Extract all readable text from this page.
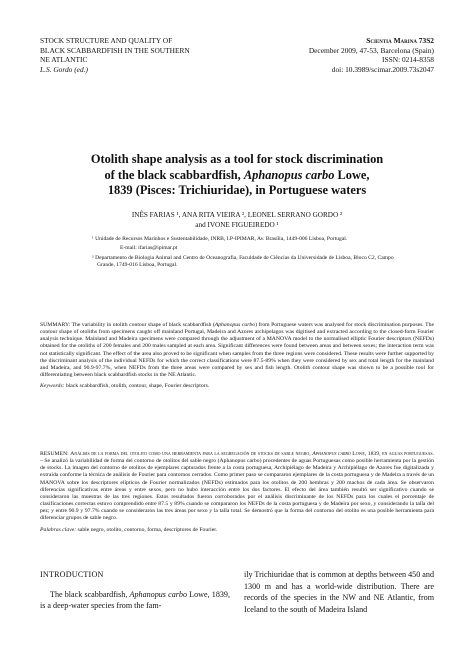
STOCK STRUCTURE AND QUALITY OF
BLACK SCABBARDFISH IN THE SOUTHERN
NE ATLANTIC
L.S. Gordo (ed.)
Scientia Marina 73S2
December 2009, 47-53, Barcelona (Spain)
ISSN: 0214-8358
doi: 10.3989/scimar.2009.73s2047
Otolith shape analysis as a tool for stock discrimination
of the black scabbardfish, Aphanopus carbo Lowe,
1839 (Pisces: Trichiuridae), in Portuguese waters
INÊS FARIAS ¹, ANA RITA VIEIRA ², LEONEL SERRANO GORDO ²
and IVONE FIGUEIREDO ¹

¹ Unidade de Recursos Marinhos e Sustentabilidade, INRB, I.P-IPIMAR, Av. Brasília, 1449-006 Lisboa, Portugal.

E-mail: ifarias@ipimar.pt

² Departamento de Biologia Animal and Centro de Oceanografia, Faculdade de Ciências da Universidade de Lisboa, Bloco C2, Campo Grande, 1749-016 Lisboa, Portugal.

SUMMARY: The variability in otolith contour shape of black scabbardfish (Aphanopus carbo) from Portuguese waters was analysed for stock discrimination purposes. The contour shape of otoliths from specimens caught off mainland Portugal, Madeira and Azores archipelagos was digitised and extracted according to the closed-form Fourier analysis technique. Mainland and Madeira specimens were compared through the adjustment of a MANOVA model to the normalised elliptic Fourier descriptors (NEFDs) obtained for the otoliths of 200 females and 200 males sampled at each area. Significant differences were found between areas and between sexes; the interaction term was not statistically significant. The effect of the area also proved to be significant when samples from the three regions were considered. These results were further supported by the discriminant analysis of the individual NEFDs for which the correct classifications were 87.5-89% when they were considered by sex and total length for the mainland and Madeira, and 90.9-97.7%, when NEFDs from the three areas were compared by sex and fish length. Otolith contour shape was shown to be a possible tool for differentiating between black scabbardfish stocks in the NE Atlantic.

Keywords: black scabbardfish, otolith, contour, shape, Fourier descriptors.

RESUMEN: Análisis de la forma del otolito como una herramienta para la segregación de stocks de sable negro, Aphanopus carbo Lowe, 1839, en aguas portuguesas. – Se analizó la variabilidad de forma del contorno de otolitos del sable negro (Aphanopus carbo) procedentes de aguas Portuguesas como posible herramienta por la gestión de stocks. La imagen del contorno de otolitos de ejemplares capturados frente a la costa portuguesa, Archipiélago de Madeira y Archipiélago de Azores fue digitalizada y extraída conforme la técnica de análisis de Fourier para contornos cerrados. Como primer paso se compararon ejemplares de la costa portuguesa y de Madeira a través de un MANOVA sobre los descriptores elípticos de Fourier normalizados (NEFDs) estimados para los otolitos de 200 hembras y 200 machos de cada área. Se observaron diferencias significativas entre áreas y entre sexos, pero no hubo interacción entre los dos factores. El efecto del área también resultó ser significativo cuando se consideraron las muestras de las tres regiones. Estos resultados fueron corroborados por el análisis discriminante de los NEFDs para los cuales el porcentaje de clasificaciones correctas estuvo comprendido entre 87.5 y 89% cuando se compararon los NEFDs de la costa portuguesa y de Madeira por sexo, y considerando la talla del pez; y entre 90.9 y 97.7% cuando se consideraron las tres áreas por sexo y la talla total. Se demostró que la forma del contorno del otolito es una posible herramienta para diferenciar grupos de sable negro.

Palabras clave: sable negro, otolito, contorno, forma, descriptores de Fourier.

INTRODUCTION

The black scabbardfish, Aphanopus carbo Lowe, 1839, is a deep-water species from the fam-

ily Trichiuridae that is common at depths between 450 and 1300 m and has a world-wide distribution. There are records of the species in the NW and NE Atlantic, from Iceland to the south of Madeira Island
